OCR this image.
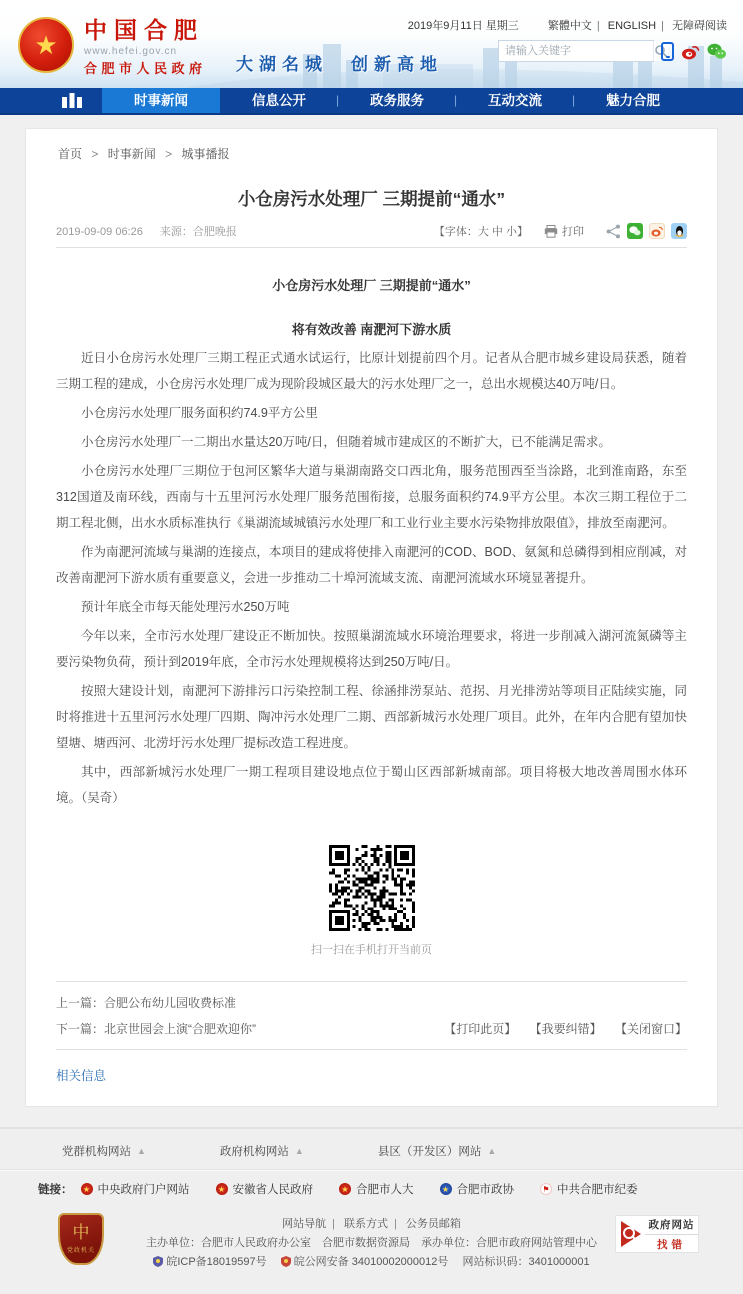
★	中国合肥
www.hefei.gov.cn
合肥市人民政府 大湖名城　创新高地
2019年9月11日 星期三	繁體中文 | ENGLISH | 无障碍阅读
请输入关键字
时事新闻	信息公开	| 政务服务	| 互动交流	| 魅力合肥
首页 > 时事新闻 > 城事播报
小仓房污水处理厂 三期提前“通水”
2019-09-09 06:26 来源：合肥晚报	【字体：大 中 小】	打印
小仓房污水处理厂 三期提前“通水”
将有效改善 南淝河下游水质

近日小仓房污水处理厂三期工程正式通水试运行，比原计划提前四个月。记者从合肥市城乡建设局获悉，随着三期工程的建成，小仓房污水处理厂成为现阶段城区最大的污水处理厂之一，总出水规模达40万吨/日。

小仓房污水处理厂服务面积约74.9平方公里

小仓房污水处理厂一二期出水量达20万吨/日，但随着城市建成区的不断扩大，已不能满足需求。

小仓房污水处理厂三期位于包河区繁华大道与巢湖南路交口西北角，服务范围西至当涂路，北到淮南路，东至312国道及南环线，西南与十五里河污水处理厂服务范围衔接，总服务面积约74.9平方公里。本次三期工程位于二期工程北侧，出水水质标准执行《巢湖流域城镇污水处理厂和工业行业主要水污染物排放限值》，排放至南淝河。

作为南淝河流域与巢湖的连接点，本项目的建成将使排入南淝河的COD、BOD、氨氮和总磷得到相应削减，对改善南淝河下游水质有重要意义，会进一步推动二十埠河流域支流、南淝河流域水环境显著提升。

预计年底全市每天能处理污水250万吨

今年以来，全市污水处理厂建设正不断加快。按照巢湖流域水环境治理要求，将进一步削减入湖河流氮磷等主要污染物负荷，预计到2019年底，全市污水处理规模将达到250万吨/日。

按照大建设计划，南淝河下游排污口污染控制工程、徐涵排涝泵站、范拐、月光排涝站等项目正陆续实施，同时将推进十五里河污水处理厂四期、陶冲污水处理厂二期、西部新城污水处理厂项目。此外，在年内合肥有望加快望塘、塘西河、北涝圩污水处理厂提标改造工程进度。

其中，西部新城污水处理厂一期工程项目建设地点位于蜀山区西部新城南部。项目将极大地改善周围水体环境。（吴奇）

扫一扫在手机打开当前页
上一篇：合肥公布幼儿园收费标准
下一篇：北京世园会上演“合肥欢迎你”	【打印此页】 【我要纠错】 【关闭窗口】
相关信息
党群机构网站 ▲	政府机构网站 ▲	县区（开发区）网站 ▲
链接：	★ 中央政府门户网站	★ 安徽省人民政府	★ 合肥市人大	★ 合肥市政协	⚑ 中共合肥市纪委
中
党政机关
网站导航 | 联系方式 | 公务员邮箱
主办单位：合肥市人民政府办公室　合肥市数据资源局　承办单位：合肥市政府网站管理中心
皖ICP备18019597号　 皖公网安备 34010002000012号　 网站标识码：3401000001
政府网站
找错
